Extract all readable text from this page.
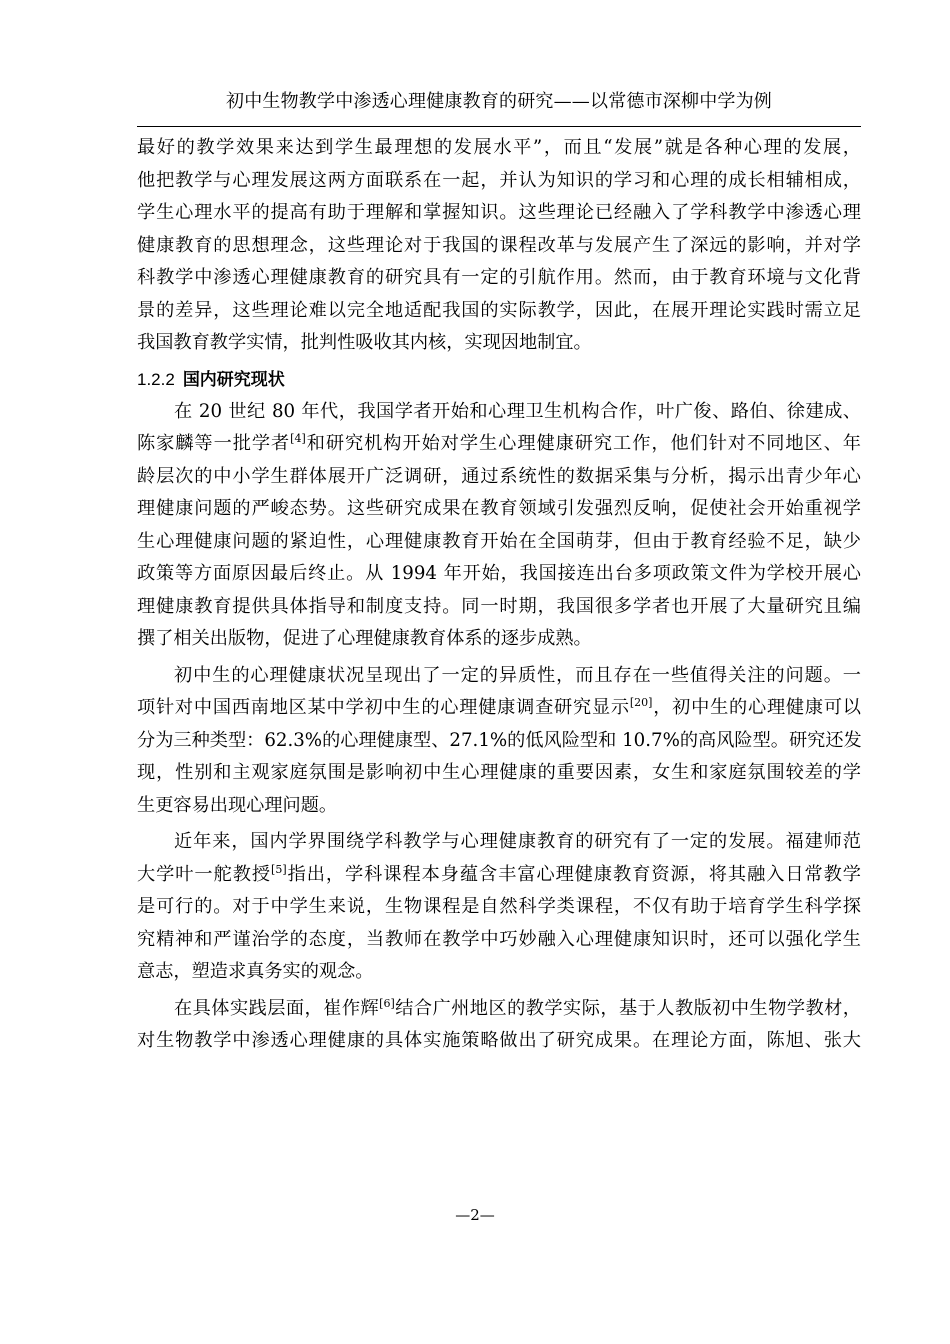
初中生物教学中渗透心理健康教育的研究——以常德市深柳中学为例
最好的教学效果来达到学生最理想的发展水平”，而且“发展”就是各种心理的发展，
他把教学与心理发展这两方面联系在一起，并认为知识的学习和心理的成长相辅相成，
学生心理水平的提高有助于理解和掌握知识。这些理论已经融入了学科教学中渗透心理
健康教育的思想理念，这些理论对于我国的课程改革与发展产生了深远的影响，并对学
科教学中渗透心理健康教育的研究具有一定的引航作用。然而，由于教育环境与文化背
景的差异，这些理论难以完全地适配我国的实际教学，因此，在展开理论实践时需立足
我国教育教学实情，批判性吸收其内核，实现因地制宜。
1.2.2 国内研究现状
在 20 世纪 80 年代，我国学者开始和心理卫生机构合作，叶广俊、路伯、徐建成、
陈家麟等一批学者[4]和研究机构开始对学生心理健康研究工作，他们针对不同地区、年
龄层次的中小学生群体展开广泛调研，通过系统性的数据采集与分析，揭示出青少年心
理健康问题的严峻态势。这些研究成果在教育领域引发强烈反响，促使社会开始重视学
生心理健康问题的紧迫性，心理健康教育开始在全国萌芽，但由于教育经验不足，缺少
政策等方面原因最后终止。从 1994 年开始，我国接连出台多项政策文件为学校开展心
理健康教育提供具体指导和制度支持。同一时期，我国很多学者也开展了大量研究且编
撰了相关出版物，促进了心理健康教育体系的逐步成熟。
初中生的心理健康状况呈现出了一定的异质性，而且存在一些值得关注的问题。一
项针对中国西南地区某中学初中生的心理健康调查研究显示[20]，初中生的心理健康可以
分为三种类型：62.3%的心理健康型、27.1%的低风险型和 10.7%的高风险型。研究还发
现，性别和主观家庭氛围是影响初中生心理健康的重要因素，女生和家庭氛围较差的学
生更容易出现心理问题。
近年来，国内学界围绕学科教学与心理健康教育的研究有了一定的发展。福建师范
大学叶一舵教授[5]指出，学科课程本身蕴含丰富心理健康教育资源，将其融入日常教学
是可行的。对于中学生来说，生物课程是自然科学类课程，不仅有助于培育学生科学探
究精神和严谨治学的态度，当教师在教学中巧妙融入心理健康知识时，还可以强化学生
意志，塑造求真务实的观念。
在具体实践层面，崔作辉[6]结合广州地区的教学实际，基于人教版初中生物学教材，
对生物教学中渗透心理健康的具体实施策略做出了研究成果。在理论方面，陈旭、张大
—2—
